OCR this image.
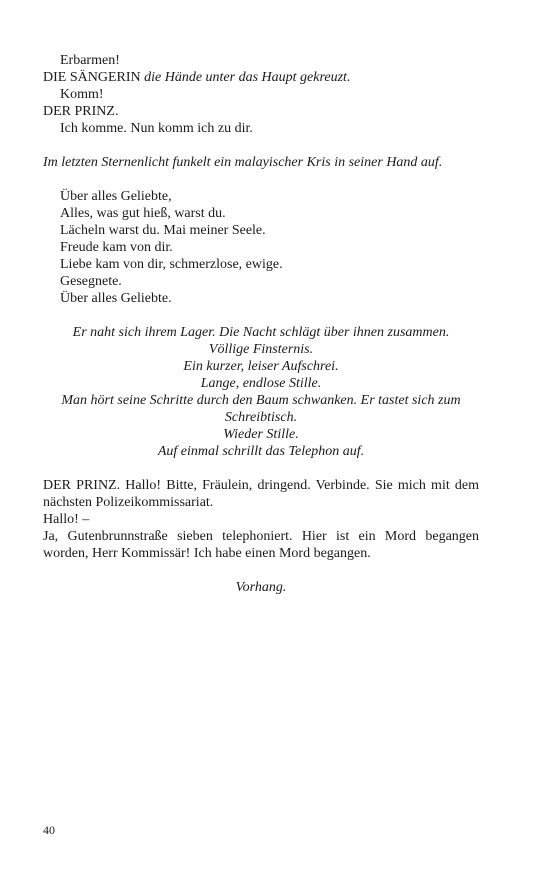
Erbarmen!
DIE SÄNGERIN die Hände unter das Haupt gekreuzt.
Komm!
DER PRINZ.
Ich komme. Nun komm ich zu dir.
Im letzten Sternenlicht funkelt ein malayischer Kris in seiner Hand auf.
Über alles Geliebte,
Alles, was gut hieß, warst du.
Lächeln warst du. Mai meiner Seele.
Freude kam von dir.
Liebe kam von dir, schmerzlose, ewige.
Gesegnete.
Über alles Geliebte.
Er naht sich ihrem Lager. Die Nacht schlägt über ihnen zusammen.
Völlige Finsternis.
Ein kurzer, leiser Aufschrei.
Lange, endlose Stille.
Man hört seine Schritte durch den Baum schwanken. Er tastet sich zum Schreibtisch.
Wieder Stille.
Auf einmal schrillt das Telephon auf.
DER PRINZ. Hallo! Bitte, Fräulein, dringend. Verbinde. Sie mich mit dem nächsten Polizeikommissariat.
Hallo! –
Ja, Gutenbrunnstraße sieben telephoniert. Hier ist ein Mord begangen worden, Herr Kommissär! Ich habe einen Mord begangen.
Vorhang.
40
